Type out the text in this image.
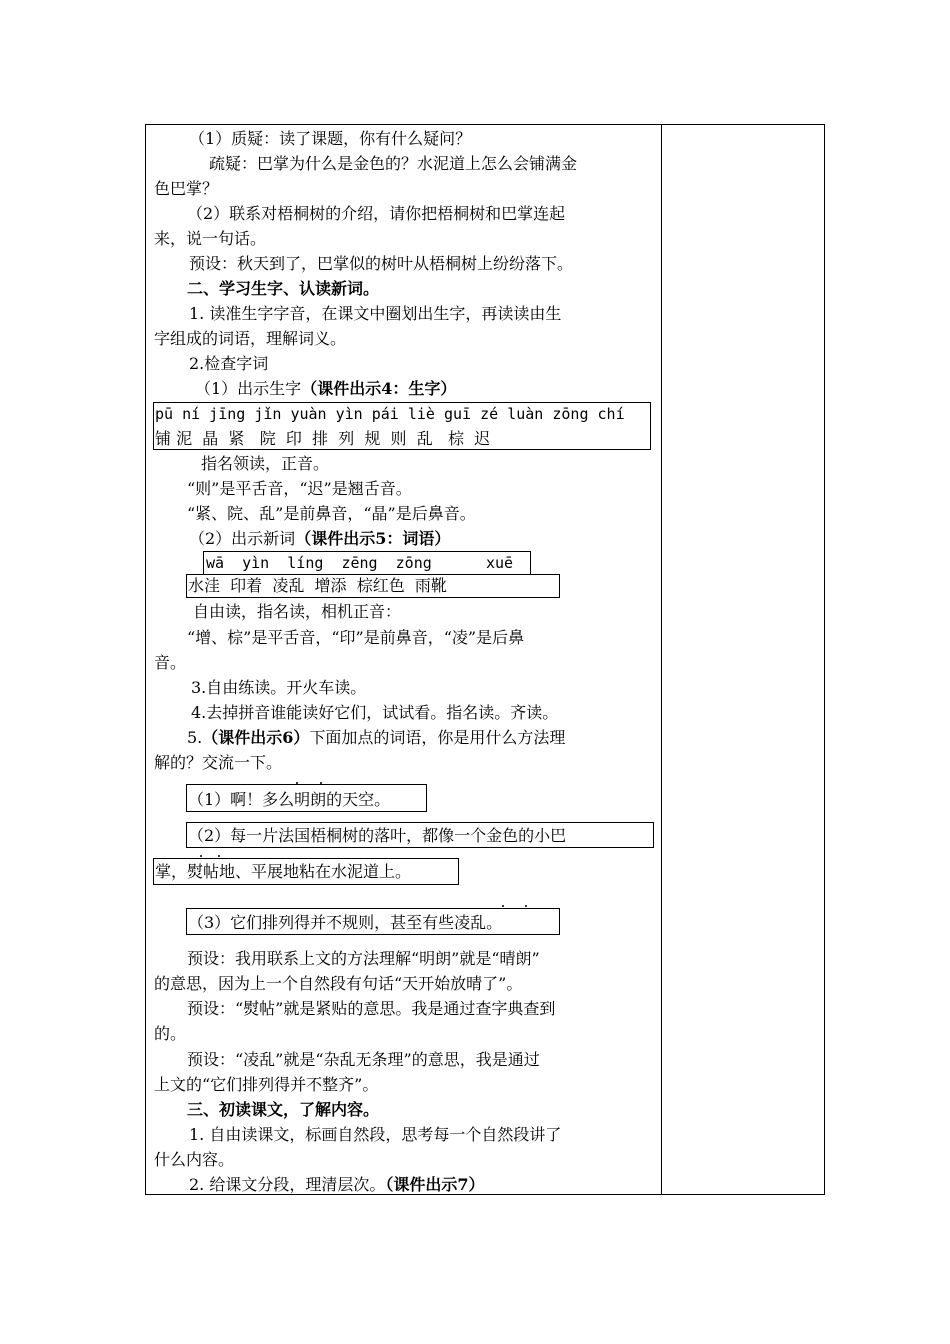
（1）质疑：读了课题，你有什么疑问？
疏疑：巴掌为什么是金色的？水泥道上怎么会铺满金
色巴掌？
（2）联系对梧桐树的介绍，请你把梧桐树和巴掌连起
来，说一句话。
预设：秋天到了，巴掌似的树叶从梧桐树上纷纷落下。
二、学习生字、认读新词。
1. 读准生字字音，在课文中圈划出生字，再读读由生
字组成的词语，理解词义。
2.检查字词
（1）出示生字（课件出示4：生字）
pū ní jīng jǐn yuàn yìn pái liè guī zé luàn zōng chí
铺 泥  晶  紧   院  印  排  列  规  则  乱   棕  迟
指名领读，正音。
“则”是平舌音，“迟”是翘舌音。
“紧、院、乱”是前鼻音，“晶”是后鼻音。
（2）出示新词（课件出示5：词语）
wā  yìn  líng  zēng  zōng      xuē
水洼  印着  凌乱  增添  棕红色  雨靴
自由读，指名读，相机正音：
“增、棕”是平舌音，“印”是前鼻音，“凌”是后鼻
音。
3.自由练读。开火车读。
4.去掉拼音谁能读好它们，试试看。指名读。齐读。
5.（课件出示6）下面加点的词语，你是用什么方法理
解的？交流一下。
（1）啊！多么明朗的天空。
（2）每一片法国梧桐树的落叶，都像一个金色的小巴
掌，熨帖地、平展地粘在水泥道上。
（3）它们排列得并不规则，甚至有些凌乱。
预设：我用联系上文的方法理解“明朗”就是“晴朗”
的意思，因为上一个自然段有句话“天开始放晴了”。
预设：“熨帖”就是紧贴的意思。我是通过查字典查到
的。
预设：“凌乱”就是“杂乱无条理”的意思，我是通过
上文的“它们排列得并不整齐”。
三、初读课文，了解内容。
1. 自由读课文，标画自然段，思考每一个自然段讲了
什么内容。
2. 给课文分段，理清层次。（课件出示7）
